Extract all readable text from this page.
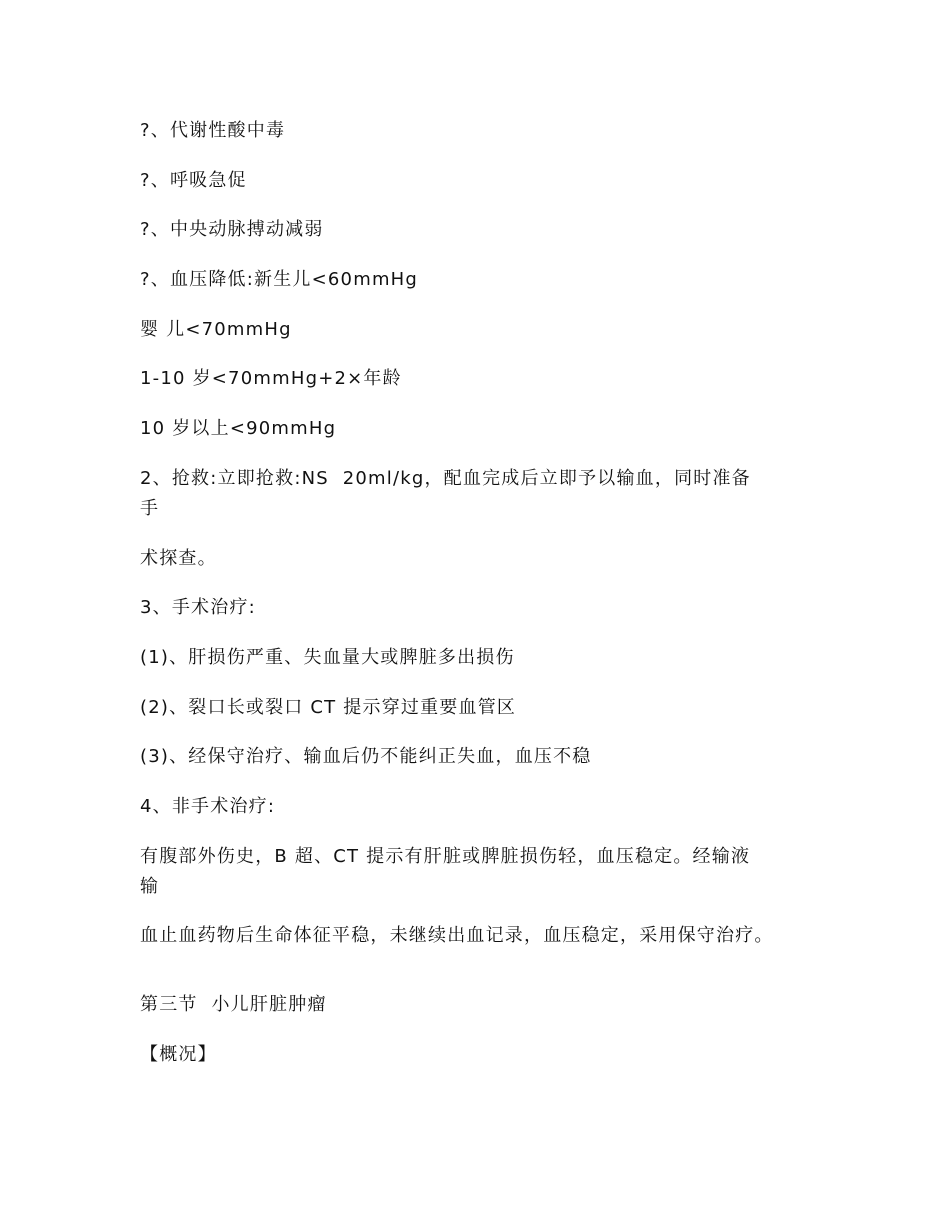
?、代谢性酸中毒

?、呼吸急促

?、中央动脉搏动减弱

?、血压降低:新生儿<60mmHg

婴 儿<70mmHg

1-10 岁<70mmHg+2×年龄

10 岁以上<90mmHg

2、抢救:立即抢救:NS  20ml/kg，配血完成后立即予以输血，同时准备

手

术探查。

3、手术治疗:

(1)、肝损伤严重、失血量大或脾脏多出损伤

(2)、裂口长或裂口 CT 提示穿过重要血管区

(3)、经保守治疗、输血后仍不能纠正失血，血压不稳

4、非手术治疗:

有腹部外伤史，B 超、CT 提示有肝脏或脾脏损伤轻，血压稳定。经输液

输

血止血药物后生命体征平稳，未继续出血记录，血压稳定，采用保守治疗。

第三节  小儿肝脏肿瘤

【概况】
